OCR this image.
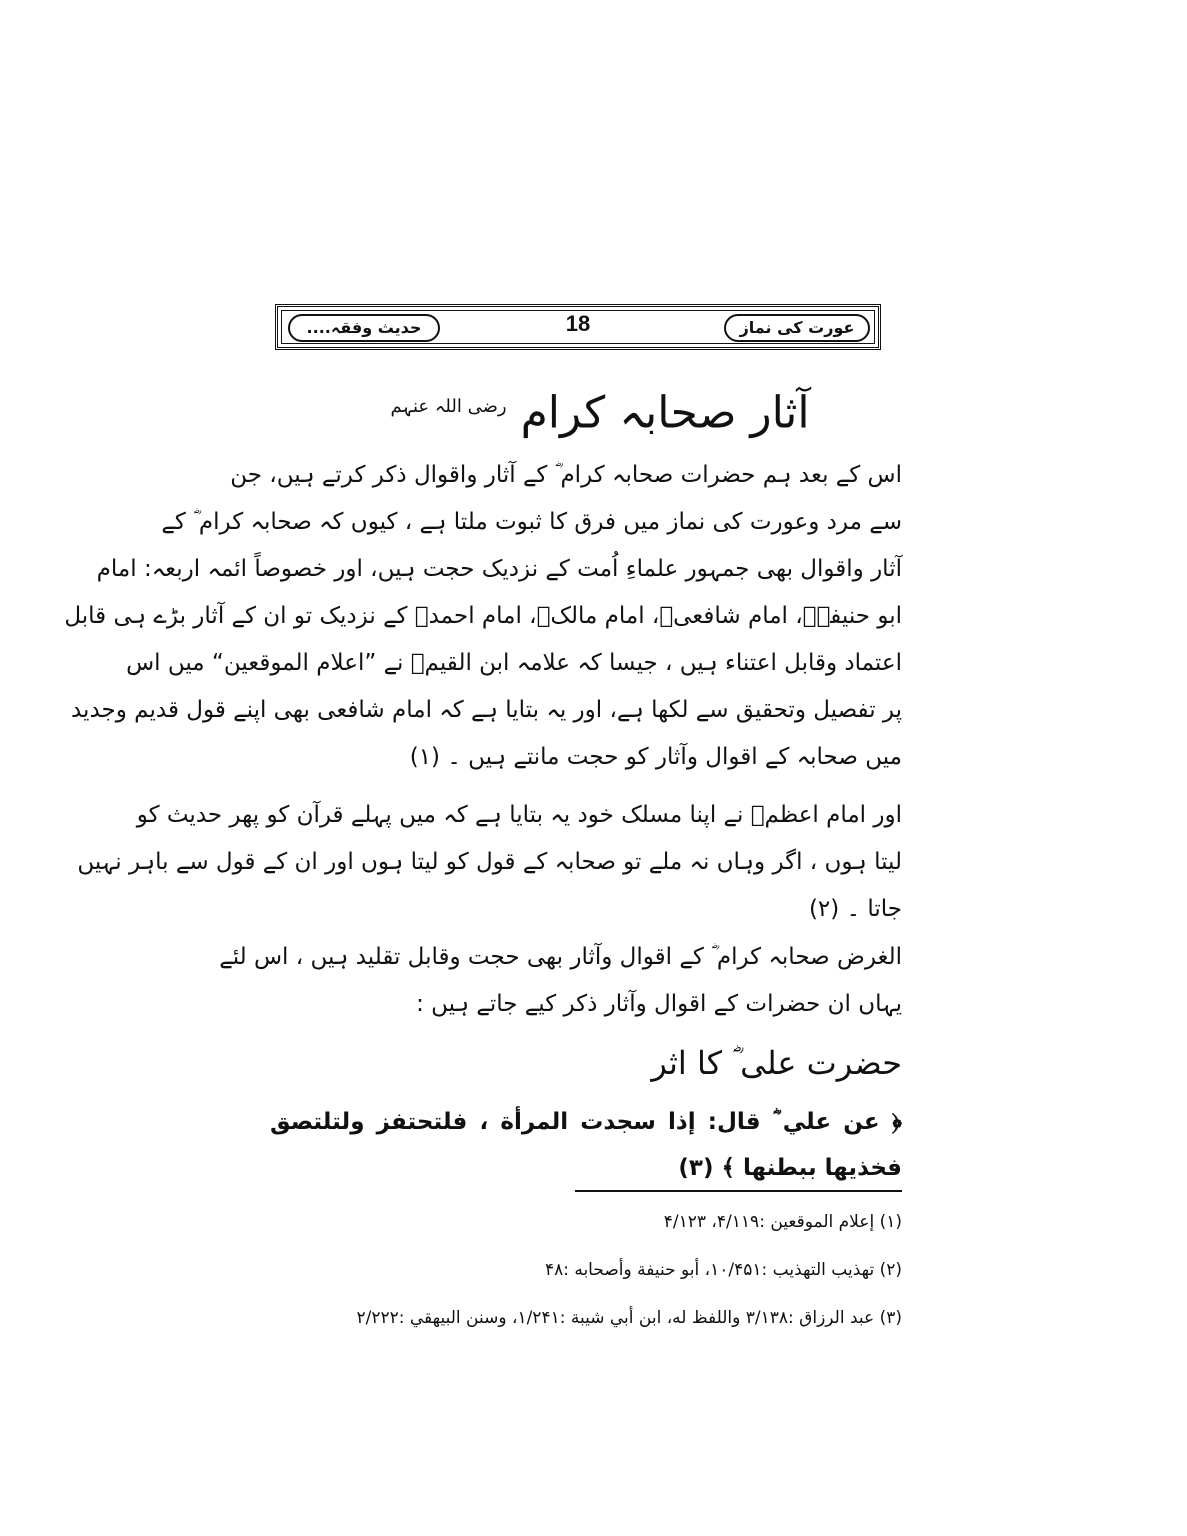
عورت کی نماز
18
حدیث وفقہ....
آثار صحابہ کرام $^{رضی اللہ عنہم}$
اس کے بعد ہم حضرات صحابہ کرام ؓ کے آثار واقوال ذکر کرتے ہیں، جن
سے مرد وعورت کی نماز میں فرق کا ثبوت ملتا ہے ، کیوں کہ صحابہ کرام ؓ کے
آثار واقوال بھی جمہور علماءِ اُمت کے نزدیک حجت ہیں، اور خصوصاً ائمہ اربعہ: امام
ابو حنیفہؒ، امام شافعیؒ، امام مالکؒ، امام احمدؒ کے نزدیک تو ان کے آثار بڑے ہی قابل
اعتماد وقابل اعتناء ہیں ، جیسا کہ علامہ ابن القیمؒ نے ”اعلام الموقعین“ میں اس
پر تفصیل وتحقیق سے لکھا ہے، اور یہ بتایا ہے کہ امام شافعی بھی اپنے قول قدیم وجدید
میں صحابہ کے اقوال وآثار کو حجت مانتے ہیں ۔ (۱)
اور امام اعظمؒ نے اپنا مسلک خود یہ بتایا ہے کہ میں پہلے قرآن کو پھر حدیث کو
لیتا ہوں ، اگر وہاں نہ ملے تو صحابہ کے قول کو لیتا ہوں اور ان کے قول سے باہر نہیں
جاتا ۔ (۲)
الغرض صحابہ کرام ؓ کے اقوال وآثار بھی حجت وقابل تقلید ہیں ، اس لئے
یہاں ان حضرات کے اقوال وآثار ذکر کیے جاتے ہیں :
حضرت علی ؓ کا اثر
﴿ عن علي ؓ قال: إذا سجدت المرأة ، فلتحتفز ولتلتصق
فخذيها ببطنها ﴾ (۳)
(۱) إعلام الموقعين :۴/۱۱۹، ۴/۱۲۳
(۲) تهذيب التهذيب :۱۰/۴۵۱، أبو حنيفة وأصحابه :۴۸
(۳) عبد الرزاق :۳/۱۳۸ واللفظ له، ابن أبي شيبة :۱/۲۴۱، وسنن البيهقي :۲/۲۲۲
